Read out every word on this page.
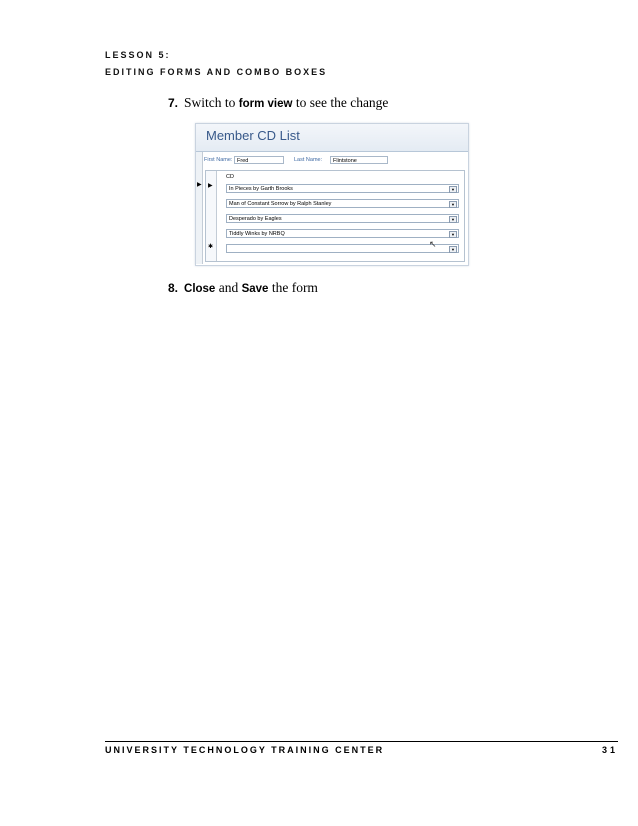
LESSON 5:
EDITING FORMS AND COMBO BOXES
7. Switch to form view to see the change
Member CD List
▶
First Name: Fred	Last Name:	Flintstone
▶
✱
CD
In Pieces by Garth Brooks	▼
Man of Constant Sorrow by Ralph Stanley	▼
Desperado by Eagles	▼
Tiddly Winks by NRBQ	▼
▼
↖
8. Close and Save the form
UNIVERSITY TECHNOLOGY TRAINING CENTER	31
